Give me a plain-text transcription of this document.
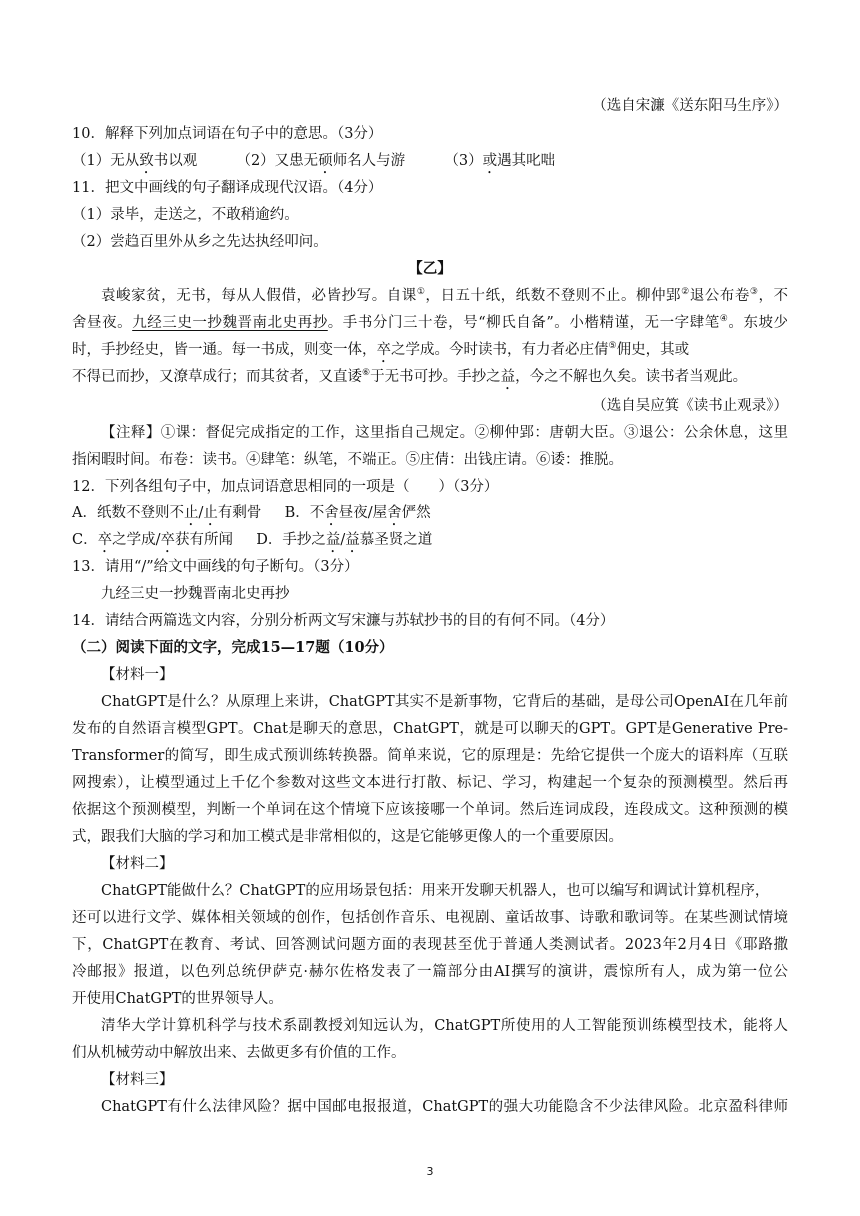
（选自宋濂《送东阳马生序》）
10．解释下列加点词语在句子中的意思。（3分）
（1）无从致书以观	（2）又患无硕师名人与游	（3）或遇其叱咄
11．把文中画线的句子翻译成现代汉语。（4分）
（1）录毕，走送之，不敢稍逾约。
（2）尝趋百里外从乡之先达执经叩问。
【乙】
袁峻家贫，无书，每从人假借，必皆抄写。自课①，日五十纸，纸数不登则不止。柳仲郢②退公布卷③，不
舍昼夜。九经三史一抄魏晋南北史再抄。手书分门三十卷，号“柳氏自备”。小楷精谨，无一字肆笔④。东坡少
时，手抄经史，皆一通。每一书成，则变一体，卒之学成。今时读书，有力者必庄倩⑤佣史，其或
不得已而抄，又潦草成行；而其贫者，又直诿⑥于无书可抄。手抄之益，今之不解也久矣。读书者当观此。
（选自吴应箕《读书止观录》）
【注释】①课：督促完成指定的工作，这里指自己规定。②柳仲郢：唐朝大臣。③退公：公余休息，这里
指闲暇时间。布卷：读书。④肆笔：纵笔，不端正。⑤庄倩：出钱庄请。⑥诿：推脱。
12．下列各组句子中，加点词语意思相同的一项是（　　）（3分）
A．纸数不登则不止/止有剩骨 B．不舍昼夜/屋舍俨然
C．卒之学成/卒获有所闻 D．手抄之益/益慕圣贤之道
13．请用“/”给文中画线的句子断句。（3分）
九经三史一抄魏晋南北史再抄
14．请结合两篇选文内容，分别分析两文写宋濂与苏轼抄书的目的有何不同。（4分）
（二）阅读下面的文字，完成15—17题（10分）
【材料一】
ChatGPT是什么？从原理上来讲，ChatGPT其实不是新事物，它背后的基础，是母公司OpenAI在几年前
发布的自然语言模型GPT。Chat是聊天的意思，ChatGPT，就是可以聊天的GPT。GPT是Generative Pre-
Transformer的简写，即生成式预训练转换器。简单来说，它的原理是：先给它提供一个庞大的语料库（互联
网搜索），让模型通过上千亿个参数对这些文本进行打散、标记、学习，构建起一个复杂的预测模型。然后再
依据这个预测模型，判断一个单词在这个情境下应该接哪一个单词。然后连词成段，连段成文。这种预测的模
式，跟我们大脑的学习和加工模式是非常相似的，这是它能够更像人的一个重要原因。
【材料二】
ChatGPT能做什么？ChatGPT的应用场景包括：用来开发聊天机器人，也可以编写和调试计算机程序，
还可以进行文学、媒体相关领域的创作，包括创作音乐、电视剧、童话故事、诗歌和歌词等。在某些测试情境
下，ChatGPT在教育、考试、回答测试问题方面的表现甚至优于普通人类测试者。2023年2月4日《耶路撒
冷邮报》报道，以色列总统伊萨克·赫尔佐格发表了一篇部分由AI撰写的演讲，震惊所有人，成为第一位公
开使用ChatGPT的世界领导人。
清华大学计算机科学与技术系副教授刘知远认为，ChatGPT所使用的人工智能预训练模型技术，能将人
们从机械劳动中解放出来、去做更多有价值的工作。
【材料三】
ChatGPT有什么法律风险？据中国邮电报报道，ChatGPT的强大功能隐含不少法律风险。北京盈科律师
3
